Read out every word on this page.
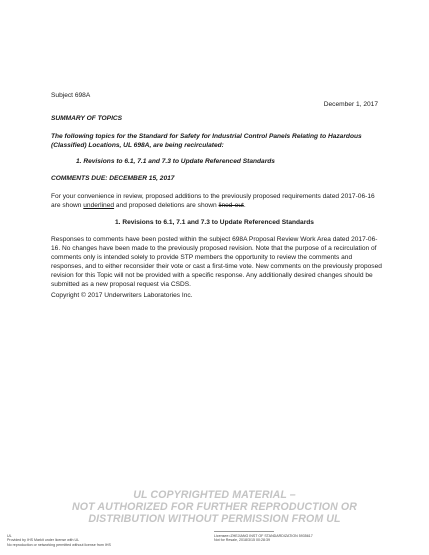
Subject 698A
December 1, 2017
SUMMARY OF TOPICS
The following topics for the Standard for Safety for Industrial Control Panels Relating to Hazardous (Classified) Locations, UL 698A, are being recirculated:
1. Revisions to 6.1, 7.1 and 7.3 to Update Referenced Standards
COMMENTS DUE: DECEMBER 15, 2017
For your convenience in review, proposed additions to the previously proposed requirements dated 2017-06-16 are shown underlined and proposed deletions are shown lined-out.
1. Revisions to 6.1, 7.1 and 7.3 to Update Referenced Standards
Responses to comments have been posted within the subject 698A Proposal Review Work Area dated 2017-06-16. No changes have been made to the previously proposed revision. Note that the purpose of a recirculation of comments only is intended solely to provide STP members the opportunity to review the comments and responses, and to either reconsider their vote or cast a first-time vote. New comments on the previously proposed revision for this Topic will not be provided with a specific response. Any additionally desired changes should be submitted as a new proposal request via CSDS.
Copyright © 2017 Underwriters Laboratories Inc.
UL COPYRIGHTED MATERIAL –
NOT AUTHORIZED FOR FURTHER REPRODUCTION OR
DISTRIBUTION WITHOUT PERMISSION FROM UL
UL
Provided by IHS Markit under license with UL
No reproduction or networking permitted without license from IHS
Licensee=ZHEJIANG INST OF STANDARDIZATION 5935617
Not for Resale, 2018/3/15 00:28:39
